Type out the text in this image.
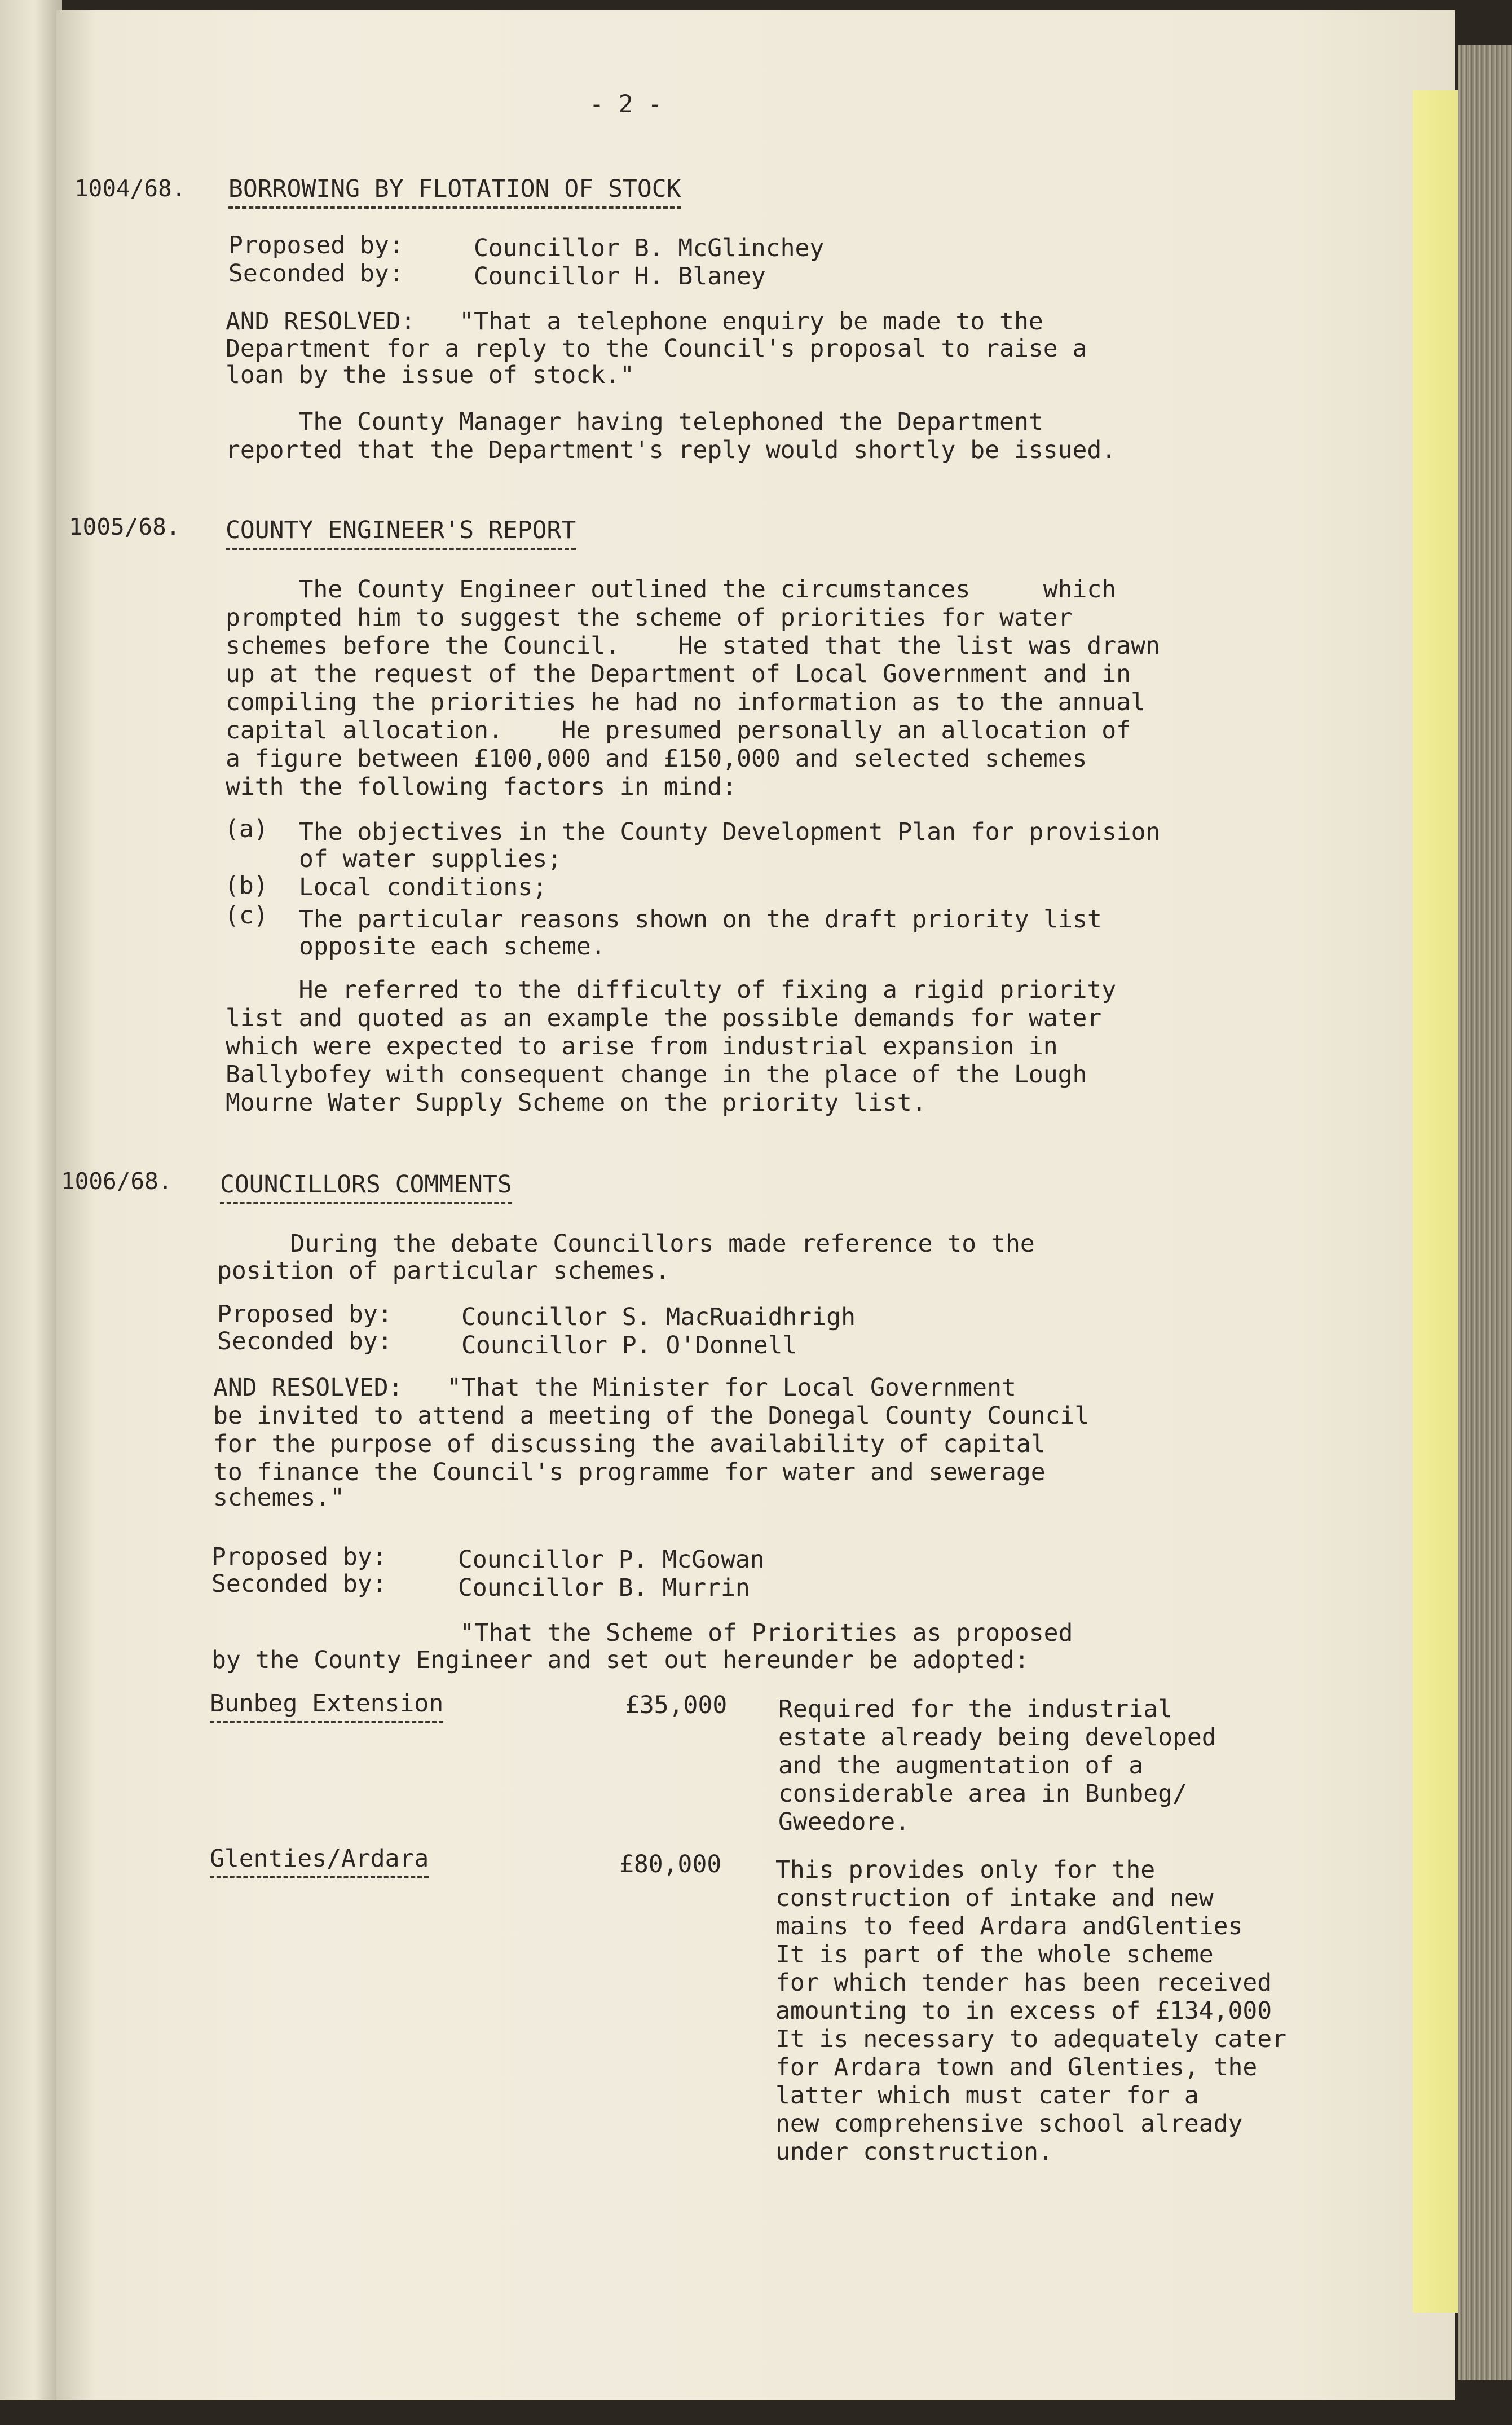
- 2 -
1004/68. BORROWING BY FLOTATION OF STOCK
Proposed by:	Councillor B. McGlinchey
Seconded by:	Councillor H. Blaney
AND RESOLVED:   "That a telephone enquiry be made to the
Department for a reply to the Council's proposal to raise a
loan by the issue of stock."
The County Manager having telephoned the Department
reported that the Department's reply would shortly be issued.
1005/68. COUNTY ENGINEER'S REPORT
The County Engineer outlined the circumstances     which
prompted him to suggest the scheme of priorities for water
schemes before the Council.    He stated that the list was drawn
up at the request of the Department of Local Government and in
compiling the priorities he had no information as to the annual
capital allocation.    He presumed personally an allocation of
a figure between £100,000 and £150,000 and selected schemes
with the following factors in mind:
(a) The objectives in the County Development Plan for provision
of water supplies;
(b) Local conditions;
(c) The particular reasons shown on the draft priority list
opposite each scheme.
He referred to the difficulty of fixing a rigid priority
list and quoted as an example the possible demands for water
which were expected to arise from industrial expansion in
Ballybofey with consequent change in the place of the Lough
Mourne Water Supply Scheme on the priority list.
1006/68. COUNCILLORS COMMENTS
During the debate Councillors made reference to the
position of particular schemes.
Proposed by:	Councillor S. MacRuaidhrigh
Seconded by:	Councillor P. O'Donnell
AND RESOLVED:   "That the Minister for Local Government
be invited to attend a meeting of the Donegal County Council
for the purpose of discussing the availability of capital
to finance the Council's programme for water and sewerage
schemes."
Proposed by:	Councillor P. McGowan
Seconded by:	Councillor B. Murrin
"That the Scheme of Priorities as proposed
by the County Engineer and set out hereunder be adopted:
Bunbeg Extension	£35,000 Required for the industrial
estate already being developed
and the augmentation of a
considerable area in Bunbeg/
Gweedore.
Glenties/Ardara	£80,000 This provides only for the
construction of intake and new
mains to feed Ardara andGlenties
It is part of the whole scheme
for which tender has been received
amounting to in excess of £134,000
It is necessary to adequately cater
for Ardara town and Glenties, the
latter which must cater for a
new comprehensive school already
under construction.
